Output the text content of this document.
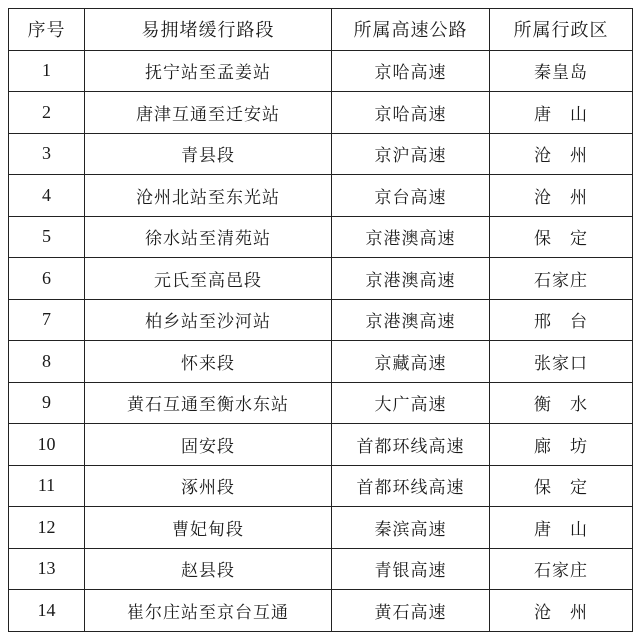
序号	易拥堵缓行路段	所属高速公路	所属行政区
1	抚宁站至孟姜站	京哈高速	秦皇岛
2	唐津互通至迁安站	京哈高速	唐　山
3	青县段	京沪高速	沧　州
4	沧州北站至东光站	京台高速	沧　州
5	徐水站至清苑站	京港澳高速	保　定
6	元氏至高邑段	京港澳高速	石家庄
7	柏乡站至沙河站	京港澳高速	邢　台
8	怀来段	京藏高速	张家口
9	黄石互通至衡水东站	大广高速	衡　水
10	固安段	首都环线高速	廊　坊
11	涿州段	首都环线高速	保　定
12	曹妃甸段	秦滨高速	唐　山
13	赵县段	青银高速	石家庄
14	崔尔庄站至京台互通	黄石高速	沧　州
